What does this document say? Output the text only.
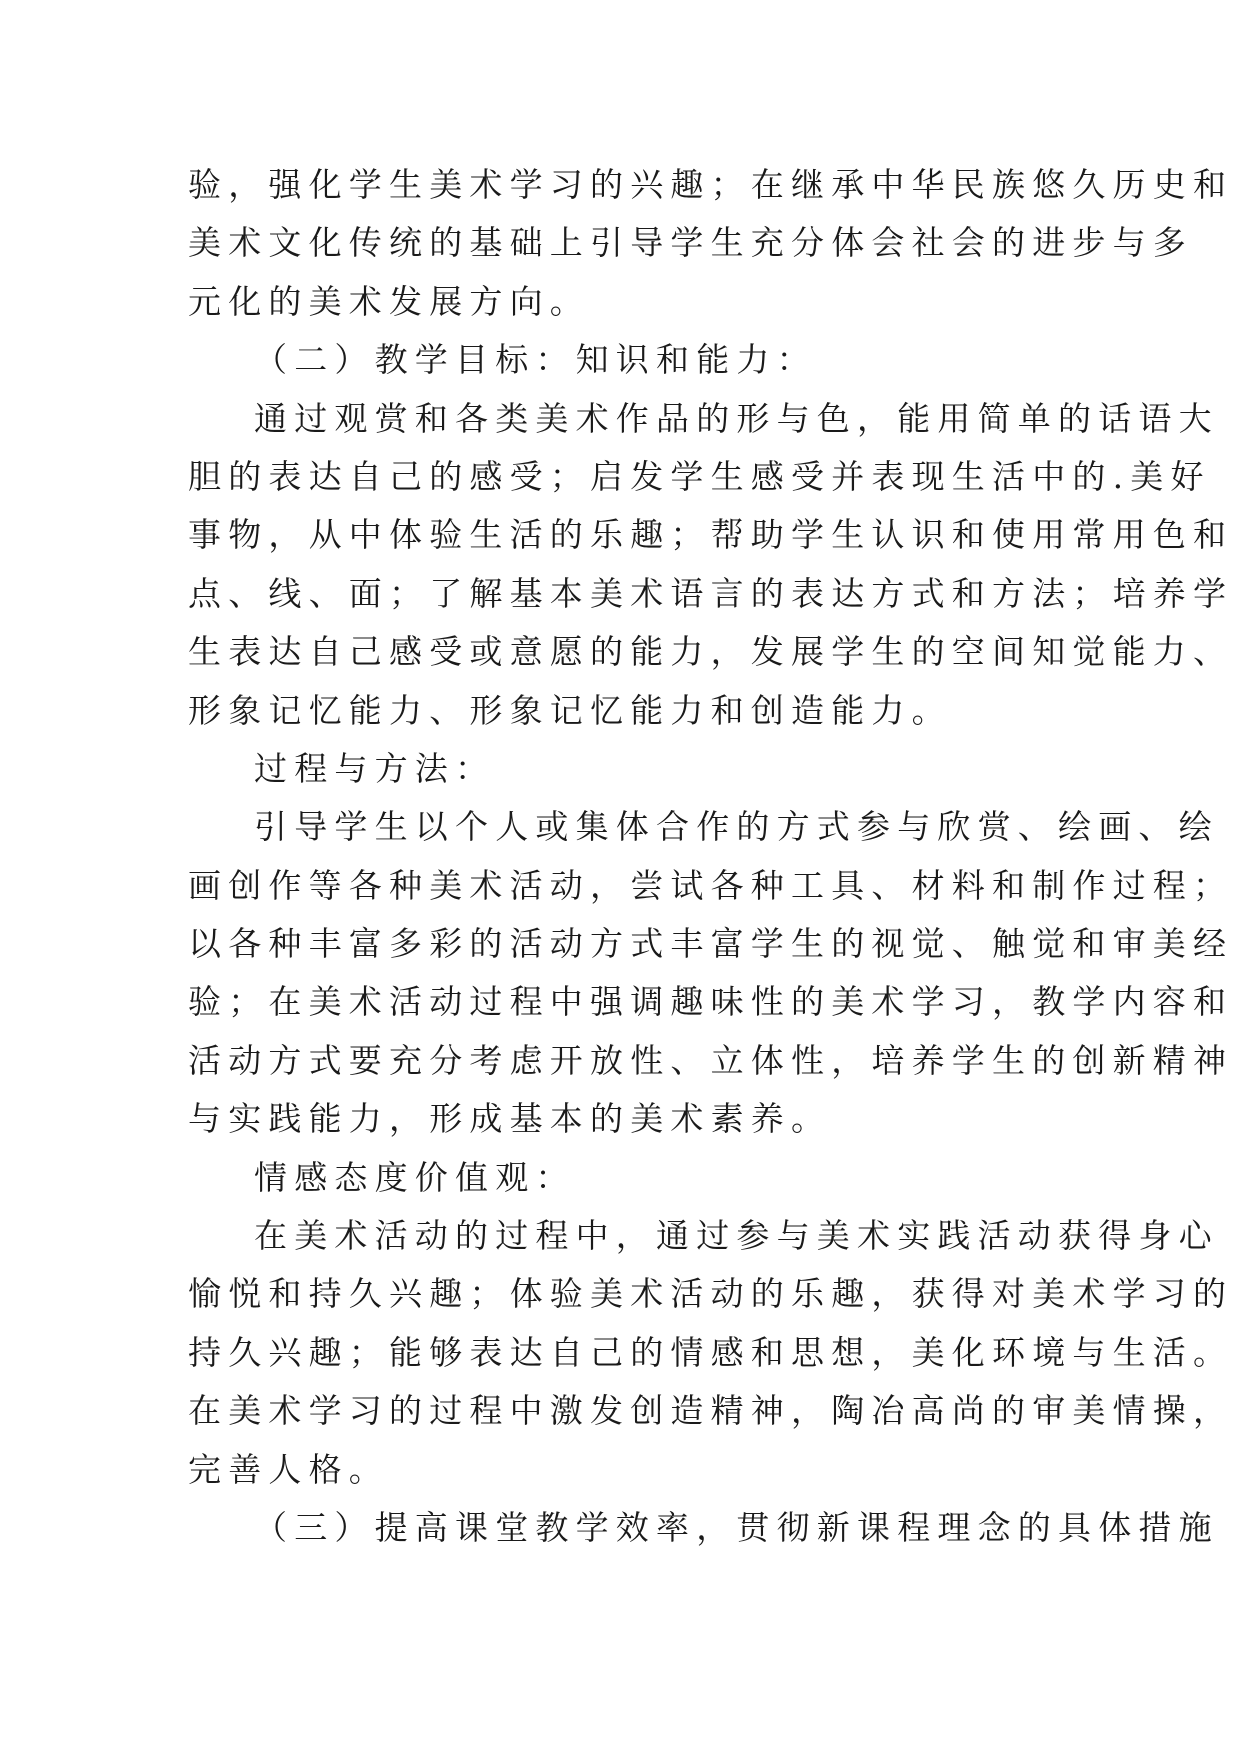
验，强化学生美术学习的兴趣；在继承中华民族悠久历史和
美术文化传统的基础上引导学生充分体会社会的进步与多
元化的美术发展方向。
（二）教学目标：知识和能力：
通过观赏和各类美术作品的形与色，能用简单的话语大
胆的表达自己的感受；启发学生感受并表现生活中的.美好
事物，从中体验生活的乐趣；帮助学生认识和使用常用色和
点、线、面；了解基本美术语言的表达方式和方法；培养学
生表达自己感受或意愿的能力，发展学生的空间知觉能力、
形象记忆能力、形象记忆能力和创造能力。
过程与方法：
引导学生以个人或集体合作的方式参与欣赏、绘画、绘
画创作等各种美术活动，尝试各种工具、材料和制作过程；
以各种丰富多彩的活动方式丰富学生的视觉、触觉和审美经
验；在美术活动过程中强调趣味性的美术学习，教学内容和
活动方式要充分考虑开放性、立体性，培养学生的创新精神
与实践能力，形成基本的美术素养。
情感态度价值观：
在美术活动的过程中，通过参与美术实践活动获得身心
愉悦和持久兴趣；体验美术活动的乐趣，获得对美术学习的
持久兴趣；能够表达自己的情感和思想，美化环境与生活。
在美术学习的过程中激发创造精神，陶冶高尚的审美情操，
完善人格。
（三）提高课堂教学效率，贯彻新课程理念的具体措施
